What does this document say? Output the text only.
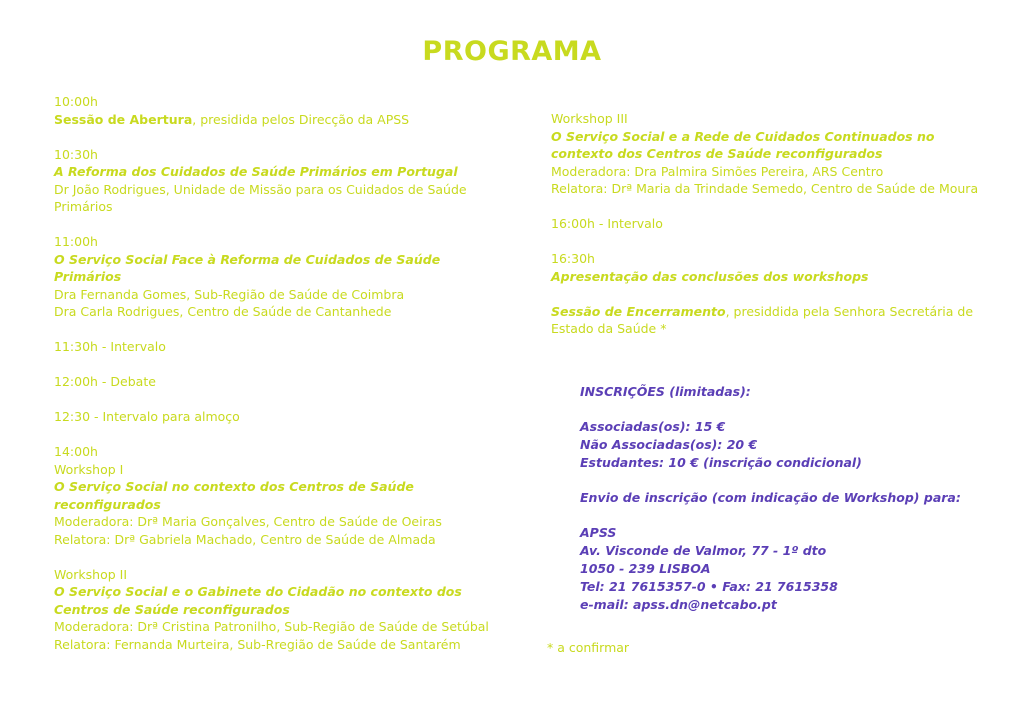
PROGRAMA
10:00h
Sessão de Abertura, presidida pelos Direcção da APSS
10:30h
A Reforma dos Cuidados de Saúde Primários em Portugal
Dr João Rodrigues, Unidade de Missão para os Cuidados de Saúde
Primários
11:00h
O Serviço Social Face à Reforma de Cuidados de Saúde
Primários
Dra Fernanda Gomes, Sub-Região de Saúde de Coimbra
Dra Carla Rodrigues, Centro de Saúde de Cantanhede
11:30h - Intervalo
12:00h - Debate
12:30 - Intervalo para almoço
14:00h
Workshop I
O Serviço Social no contexto dos Centros de Saúde
reconfigurados
Moderadora: Drª Maria Gonçalves, Centro de Saúde de Oeiras
Relatora: Drª Gabriela Machado, Centro de Saúde de Almada
Workshop II
O Serviço Social e o Gabinete do Cidadão no contexto dos
Centros de Saúde reconfigurados
Moderadora: Drª Cristina Patronilho, Sub-Região de Saúde de Setúbal
Relatora: Fernanda Murteira, Sub-Rregião de Saúde de Santarém
Workshop III
O Serviço Social e a Rede de Cuidados Continuados no
contexto dos Centros de Saúde reconfigurados
Moderadora: Dra Palmira Simões Pereira, ARS Centro
Relatora: Drª Maria da Trindade Semedo, Centro de Saúde de Moura
16:00h - Intervalo
16:30h
Apresentação das conclusões dos workshops
Sessão de Encerramento, presiddida pela Senhora Secretária de
Estado da Saúde *
INSCRIÇÕES (limitadas):
Associadas(os): 15 €
Não Associadas(os): 20 €
Estudantes: 10 € (inscrição condicional)
Envio de inscrição (com indicação de Workshop) para:
APSS
Av. Visconde de Valmor, 77 - 1º dto
1050 - 239 LISBOA
Tel: 21 7615357-0 • Fax: 21 7615358
e-mail: apss.dn@netcabo.pt
* a confirmar
